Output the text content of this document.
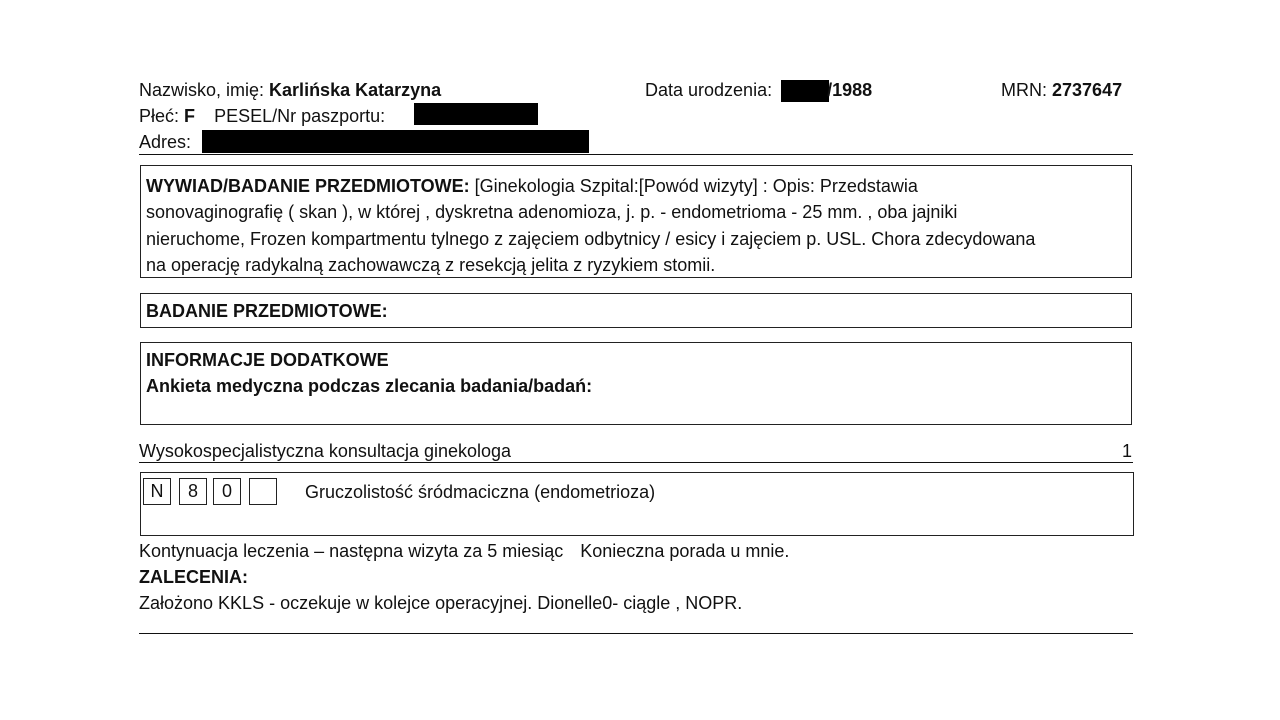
Nazwisko, imię: Karlińska Katarzyna	Data urodzenia:	/1988	MRN: 2737647
Płeć: F PESEL/Nr paszportu:
Adres:
WYWIAD/BADANIE PRZEDMIOTOWE: [Ginekologia Szpital:[Powód wizyty] : Opis: Przedstawia
sonovaginografię ( skan ), w której , dyskretna adenomioza, j. p. - endometrioma - 25 mm. , oba jajniki
nieruchome, Frozen kompartmentu tylnego z zajęciem odbytnicy / esicy i zajęciem p. USL. Chora zdecydowana
na operację radykalną zachowawczą z resekcją jelita z ryzykiem stomii.
BADANIE PRZEDMIOTOWE:
INFORMACJE DODATKOWE
Ankieta medyczna podczas zlecania badania/badań:
Wysokospecjalistyczna konsultacja ginekologa	1
N	8	0	Gruczolistość śródmaciczna (endometrioza)
Kontynuacja leczenia – następna wizyta za 5 miesiąc Konieczna porada u mnie.
ZALECENIA:
Założono KKLS - oczekuje w kolejce operacyjnej. Dionelle0- ciągle , NOPR.
